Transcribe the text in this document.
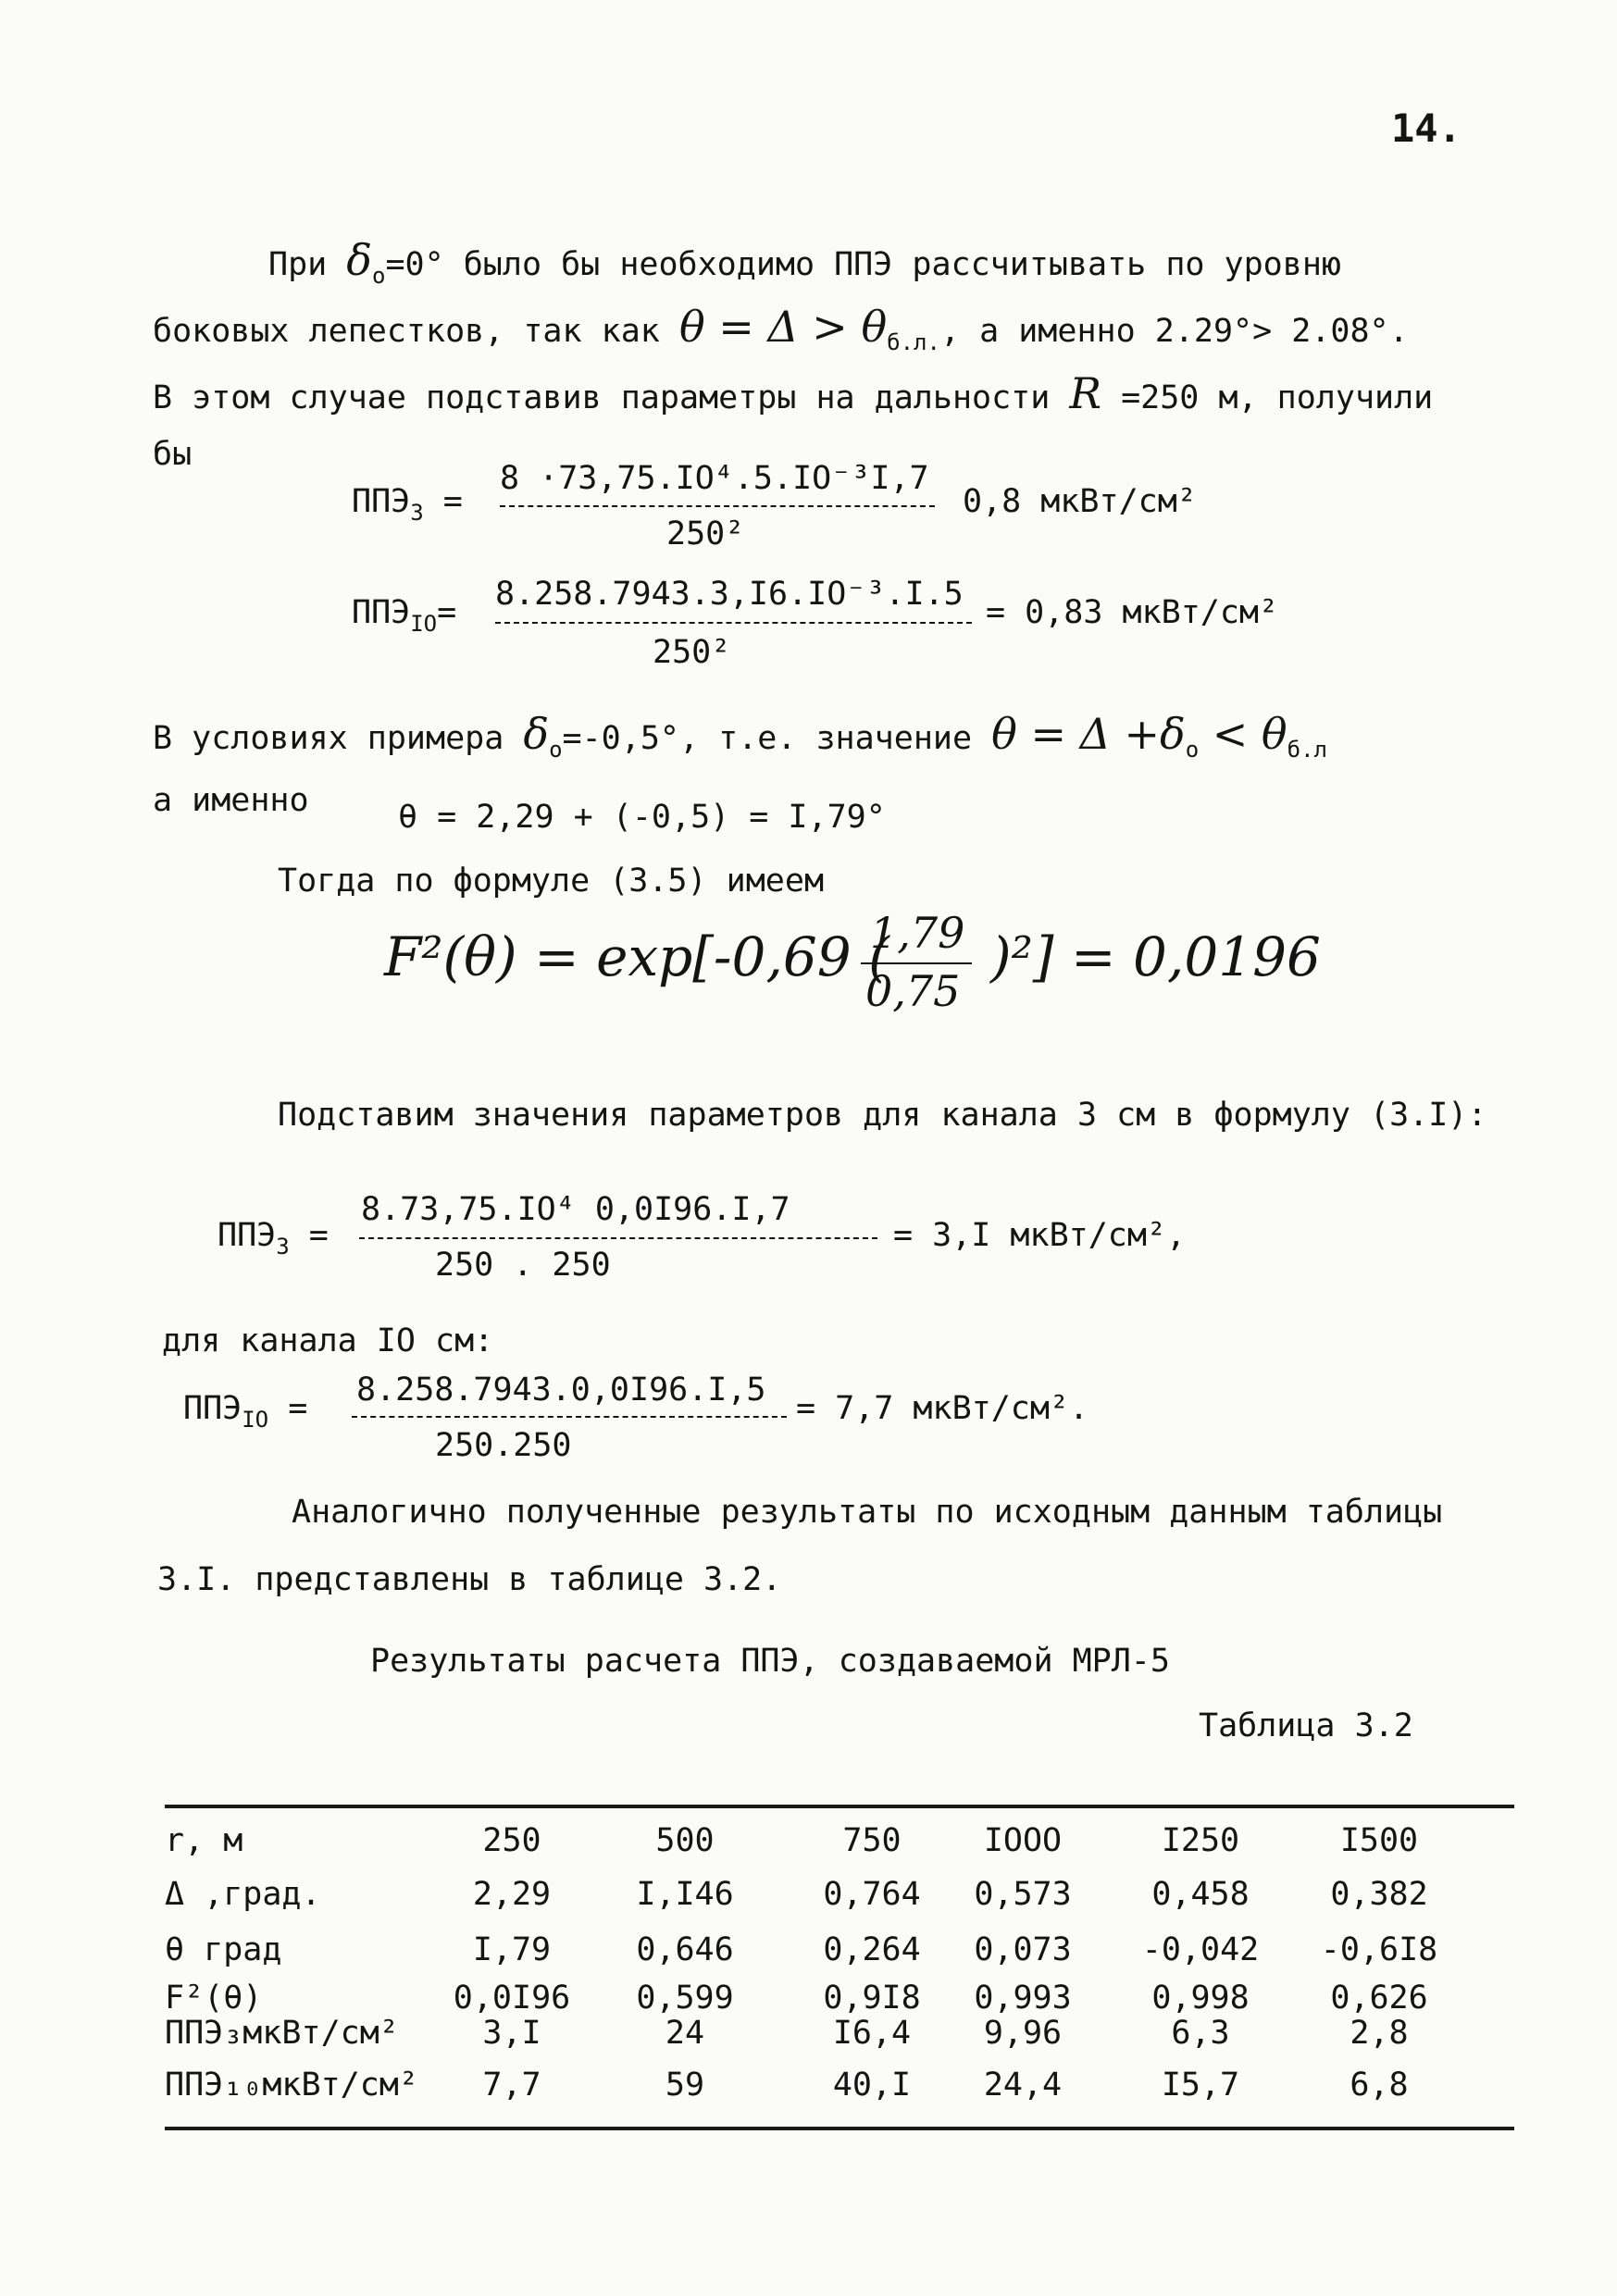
14.
При $\delta_o=0^\circ$ было бы необходимо ППЭ рассчитывать по уровню
боковых лепестков, так как $\theta = \Delta > \theta_{б.л.}$, а именно 2.29°> 2.08°.
В этом случае подставив параметры на дальности R =250 м, получили
бы
$ППЭ_3$ =
8 ·73,75.IO⁴.5.IO⁻³I,7
250²
0,8 мкВт/см²
$ППЭ_{IO}= 8.258.7943.3,I6.IO^{-3}.I.5$
250²
= 0,83 мкВт/см²
В условиях примера $\delta_o=-0,5^\circ$, т.е. значение $\theta = \Delta +\delta_o < \theta_{б.л}$
а именно	θ = 2,29 + (-0,5) = I,79°
Тогда по формуле (3.5) имеем
F²(θ) = exp[-0,69 (
1,79
0,75
)²] = 0,0196
Подставим значения параметров для канала 3 см в формулу (3.I):
$ППЭ_3$ =
8.73,75.IO⁴ 0,0I96.I,7
250 . 250
= 3,I мкВт/см²,
для канала IO см:
$ППЭ_{IO} = 8.258.7943.0,0I96.I,5$
250.250
= 7,7 мкВт/см².
Аналогично полученные результаты по исходным данным таблицы
3.I. представлены в таблице 3.2.
Результаты расчета ППЭ, создаваемой МРЛ-5
Таблица 3.2
r, м	250	500	750	IOOO	I250	I500
Δ ,град.	2,29	I,I46	0,764	0,573	0,458	0,382
θ град	I,79	0,646	0,264	0,073	-0,042	-0,6I8
F²(θ)	0,0I96	0,599	0,9I8	0,993	0,998	0,626
ППЭ₃мкВт/см²	3,I	24	I6,4	9,96	6,3	2,8
ППЭ₁₀мкВт/см²	7,7	59	40,I	24,4	I5,7	6,8
